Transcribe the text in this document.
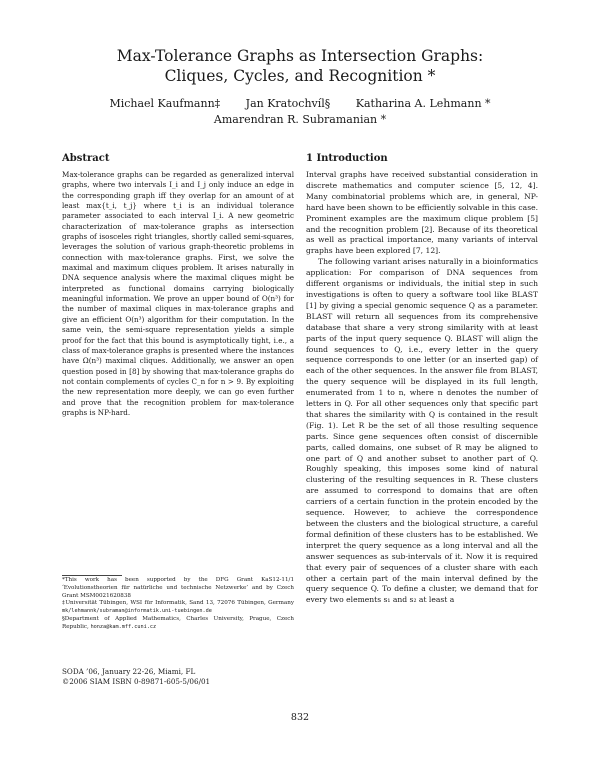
Max-Tolerance Graphs as Intersection Graphs:
Cliques, Cycles, and Recognition *
Michael Kaufmann‡ Jan Kratochvíl§ Katharina A. Lehmann *
Amarendran R. Subramanian *
Abstract
Max-tolerance graphs can be regarded as generalized interval graphs, where two intervals I_i and I_j only induce an edge in the corresponding graph iff they overlap for an amount of at least max{t_i, t_j} where t_i is an individual tolerance parameter associated to each interval I_i. A new geometric characterization of max-tolerance graphs as intersection graphs of isosceles right triangles, shortly called semi-squares, leverages the solution of various graph-theoretic problems in connection with max-tolerance graphs. First, we solve the maximal and maximum cliques problem. It arises naturally in DNA sequence analysis where the maximal cliques might be interpreted as functional domains carrying biologically meaningful information. We prove an upper bound of O(n³) for the number of maximal cliques in max-tolerance graphs and give an efficient O(n³) algorithm for their computation. In the same vein, the semi-square representation yields a simple proof for the fact that this bound is asymptotically tight, i.e., a class of max-tolerance graphs is presented where the instances have Ω(n³) maximal cliques. Additionally, we answer an open question posed in [8] by showing that max-tolerance graphs do not contain complements of cycles C_n for n > 9. By exploiting the new representation more deeply, we can go even further and prove that the recognition problem for max-tolerance graphs is NP-hard.
1 Introduction

Interval graphs have received substantial consideration in discrete mathematics and computer science [5, 12, 4]. Many combinatorial problems which are, in general, NP-hard have been shown to be efficiently solvable in this case. Prominent examples are the maximum clique problem [5] and the recognition problem [2]. Because of its theoretical as well as practical importance, many variants of interval graphs have been explored [7, 12].

The following variant arises naturally in a bioinformatics application: For comparison of DNA sequences from different organisms or individuals, the initial step in such investigations is often to query a software tool like BLAST [1] by giving a special genomic sequence Q as a parameter. BLAST will return all sequences from its comprehensive database that share a very strong similarity with at least parts of the input query sequence Q. BLAST will align the found sequences to Q, i.e., every letter in the query sequence corresponds to one letter (or an inserted gap) of each of the other sequences. In the answer file from BLAST, the query sequence will be displayed in its full length, enumerated from 1 to n, where n denotes the number of letters in Q. For all other sequences only that specific part that shares the similarity with Q is contained in the result (Fig. 1). Let R be the set of all those resulting sequence parts. Since gene sequences often consist of discernible parts, called domains, one subset of R may be aligned to one part of Q and another subset to another part of Q. Roughly speaking, this imposes some kind of natural clustering of the resulting sequences in R. These clusters are assumed to correspond to domains that are often carriers of a certain function in the protein encoded by the sequence. However, to achieve the correspondence between the clusters and the biological structure, a careful formal definition of these clusters has to be established. We interpret the query sequence as a long interval and all the answer sequences as sub-intervals of it. Now it is required that every pair of sequences of a cluster share with each other a certain part of the main interval defined by the query sequence Q. To define a cluster, we demand that for every two elements s₁ and s₂ at least a

*This work has been supported by the DFG Grant KaS12-11/1 ‘Evolutionstheorien für natürliche und technische Netzwerke’ and by Czech Grant MSM0021620838

‡Universität Tübingen, WSI für Informatik, Sand 13, 72076 Tübingen, Germany mk/lehmannk/subraman@informatik.uni-tuebingen.de

§Department of Applied Mathematics, Charles University, Prague, Czech Republic, honza@kam.mff.cuni.cz

SODA ’06, January 22-26, Miami, FL
©2006 SIAM ISBN 0-89871-605-5/06/01
832
